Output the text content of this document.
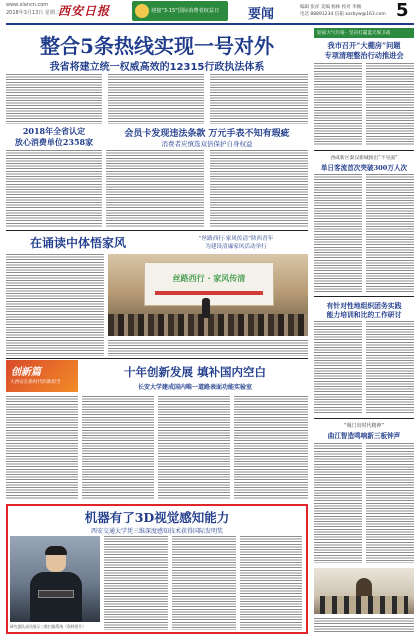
www.xiancn.com
2018年3月13日 星期二
西安日报	迎接"3·15"国际消费者权益日 要闻	编辑 张祥 美编 杨林 校对 李楠
电话 88891234 信箱 xarbyw@163.com 5
整合5条热线实现一号对外
我省将建立统一权威高效的12315行政执法体系
迎战大气污染 · 坚决打赢蓝天保卫战
我市召开“大棚房”问题
专项清理整治行动推进会
2018年全省认定
放心消费单位2358家
会员卡发现违法条款 万元手表不知有瑕疵
消费者应慎选双倍保护自身权益
西咸新区秦汉新城推出“不见面”
单日客流首次突破300万人次
在诵读中体悟家风	“丝路西行·家风传清”陕西青年
为建设清廉家风活动举行
丝路西行 · 家风传清
有针对性地组织团务实践
能力培训和比的工作研讨
创新篇
大西安在新时代的新担当
十年创新发展 填补国内空白
长安大学建成国内唯一道路表面功能实验室
“城门出时代精神”
曲江智造鸣响新三板钟声
机器有了3D视觉感知能力
西安交通大学凭三维深度感知技术获得国际发明奖
研究团队成员展示三维扫描系统（资料图片）
